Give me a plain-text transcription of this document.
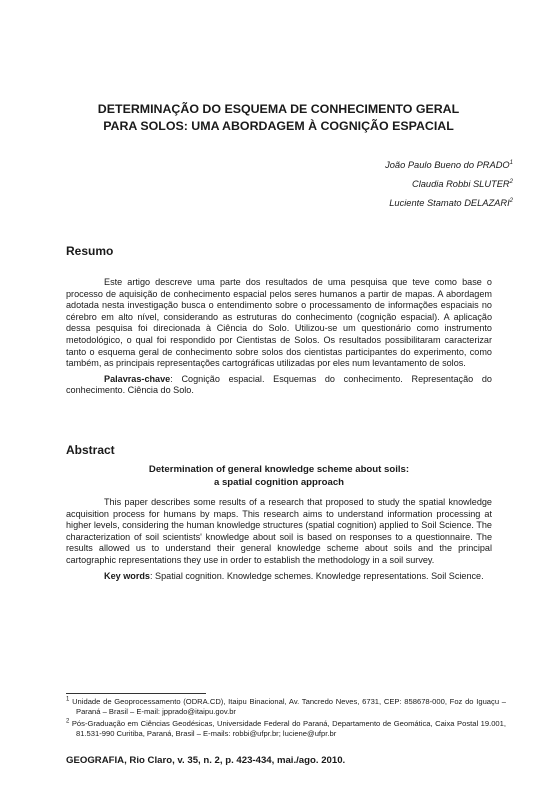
DETERMINAÇÃO DO ESQUEMA DE CONHECIMENTO GERAL
PARA SOLOS: UMA ABORDAGEM À COGNIÇÃO ESPACIAL
João Paulo Bueno do PRADO$^1$
Claudia Robbi SLUTER$^2$
Luciente Stamato DELAZARI$^2$
Resumo

Este artigo descreve uma parte dos resultados de uma pesquisa que teve como base o processo de aquisição de conhecimento espacial pelos seres humanos a partir de mapas. A abordagem adotada nesta investigação busca o entendimento sobre o processamento de informações espaciais no cérebro em alto nível, considerando as estruturas do conhecimento (cognição espacial). A aplicação dessa pesquisa foi direcionada à Ciência do Solo. Utilizou-se um questionário como instrumento metodológico, o qual foi respondido por Cientistas de Solos. Os resultados possibilitaram caracterizar tanto o esquema geral de conhecimento sobre solos dos cientistas participantes do experimento, como também, as principais representações cartográficas utilizadas por eles num levantamento de solos.

Palavras-chave: Cognição espacial. Esquemas do conhecimento. Representação do conhecimento. Ciência do Solo.

Abstract
Determination of general knowledge scheme about soils:
a spatial cognition approach

This paper describes some results of a research that proposed to study the spatial knowledge acquisition process for humans by maps. This research aims to understand information processing at higher levels, considering the human knowledge structures (spatial cognition) applied to Soil Science. The characterization of soil scientists' knowledge about soil is based on responses to a questionnaire. The results allowed us to understand their general knowledge scheme about soils and the principal cartographic representations they use in order to establish the methodology in a soil survey.

Key words: Spatial cognition. Knowledge schemes. Knowledge representations. Soil Science.

$^1$ Unidade de Geoprocessamento (ODRA.CD), Itaipu Binacional, Av. Tancredo Neves, 6731, CEP: 858678-000, Foz do Iguaçu – Paraná – Brasil – E-mail: jpprado@itaipu.gov.br
$^2$ Pós-Graduação em Ciências Geodésicas, Universidade Federal do Paraná, Departamento de Geomática, Caixa Postal 19.001, 81.531-990 Curitiba, Paraná, Brasil – E-mails: robbi@ufpr.br; luciene@ufpr.br
GEOGRAFIA, Rio Claro, v. 35, n. 2, p. 423-434, mai./ago. 2010.
